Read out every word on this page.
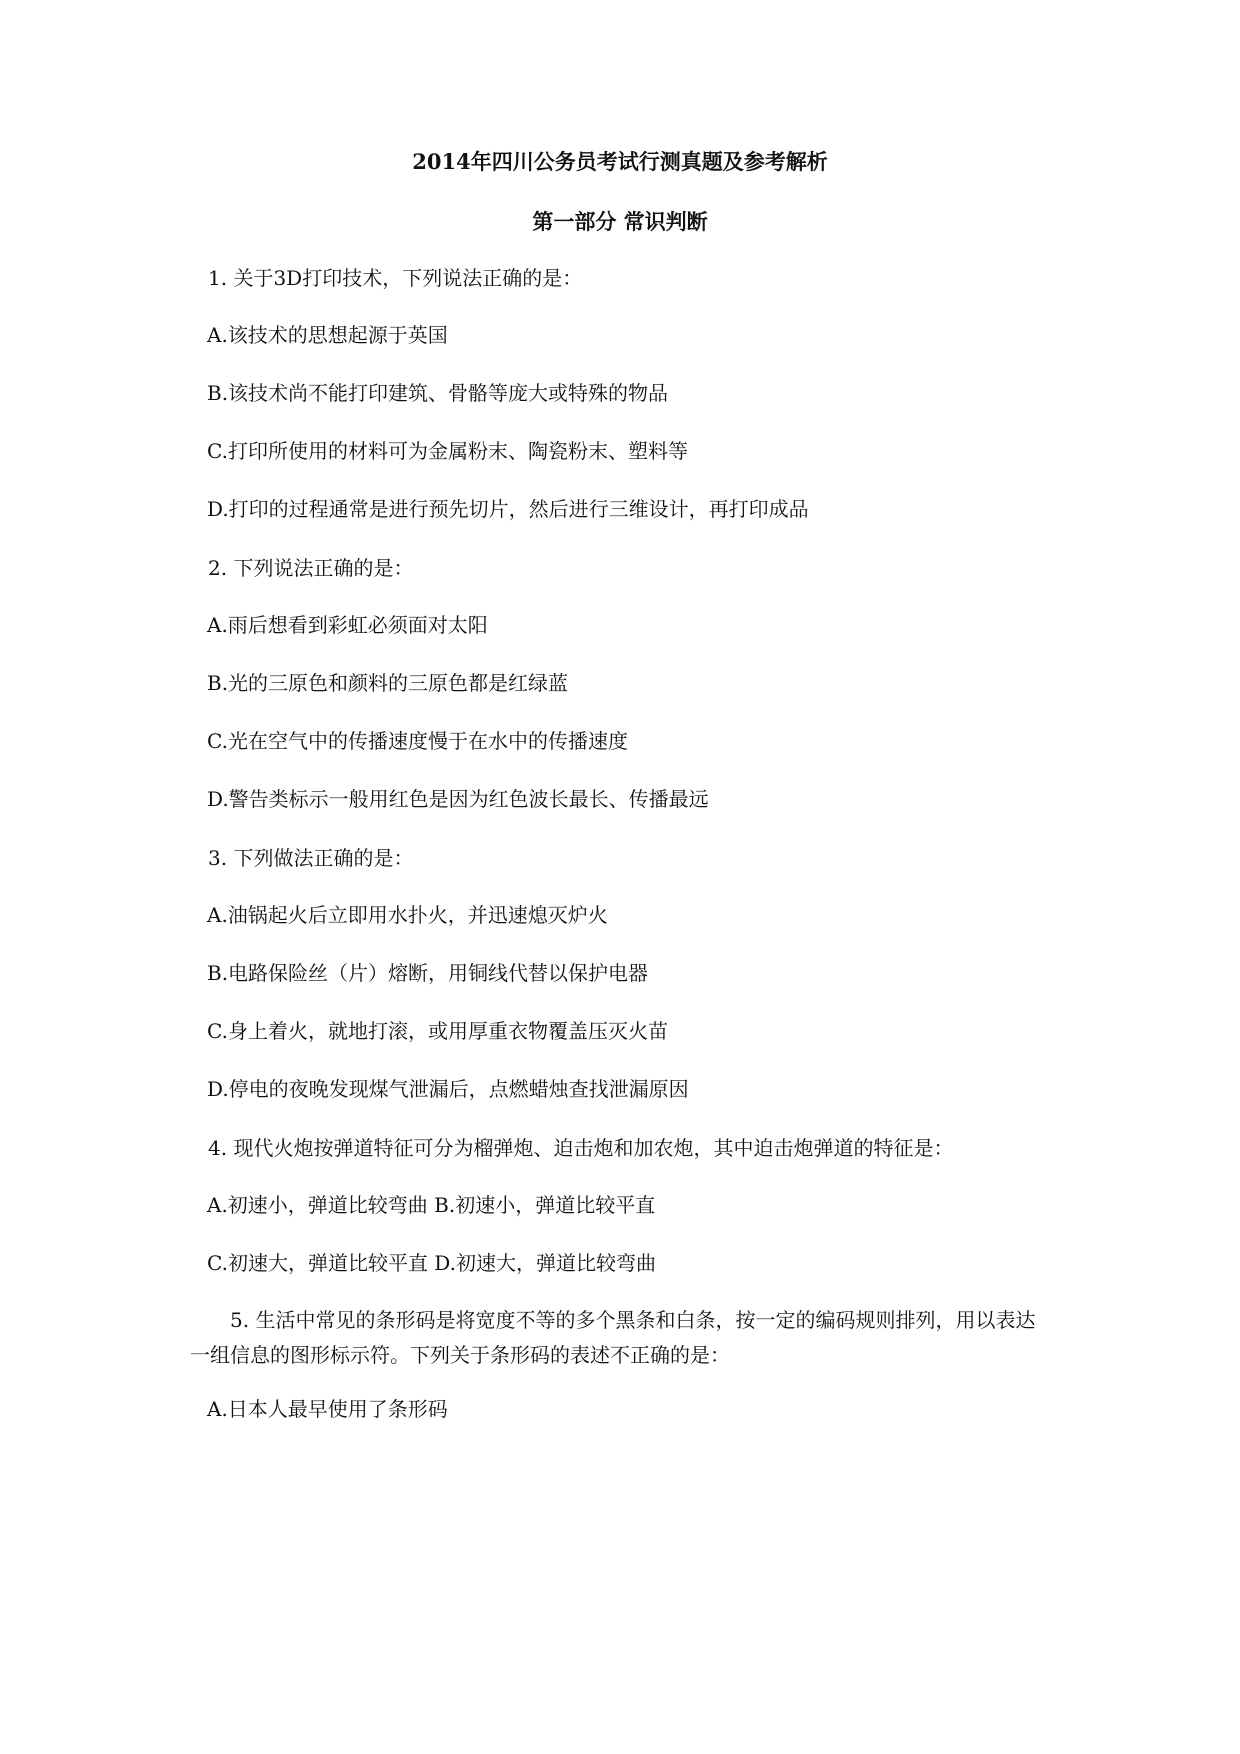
2014年四川公务员考试行测真题及参考解析
第一部分 常识判断
1. 关于3D打印技术，下列说法正确的是：
A.该技术的思想起源于英国
B.该技术尚不能打印建筑、骨骼等庞大或特殊的物品
C.打印所使用的材料可为金属粉末、陶瓷粉末、塑料等
D.打印的过程通常是进行预先切片，然后进行三维设计，再打印成品
2. 下列说法正确的是：
A.雨后想看到彩虹必须面对太阳
B.光的三原色和颜料的三原色都是红绿蓝
C.光在空气中的传播速度慢于在水中的传播速度
D.警告类标示一般用红色是因为红色波长最长、传播最远
3. 下列做法正确的是：
A.油锅起火后立即用水扑火，并迅速熄灭炉火
B.电路保险丝（片）熔断，用铜线代替以保护电器
C.身上着火，就地打滚，或用厚重衣物覆盖压灭火苗
D.停电的夜晚发现煤气泄漏后，点燃蜡烛查找泄漏原因
4. 现代火炮按弹道特征可分为榴弹炮、迫击炮和加农炮，其中迫击炮弹道的特征是：
A.初速小，弹道比较弯曲 B.初速小，弹道比较平直
C.初速大，弹道比较平直 D.初速大，弹道比较弯曲
5. 生活中常见的条形码是将宽度不等的多个黑条和白条，按一定的编码规则排列，用以表达一组信息的图形标示符。下列关于条形码的表述不正确的是：
A.日本人最早使用了条形码
